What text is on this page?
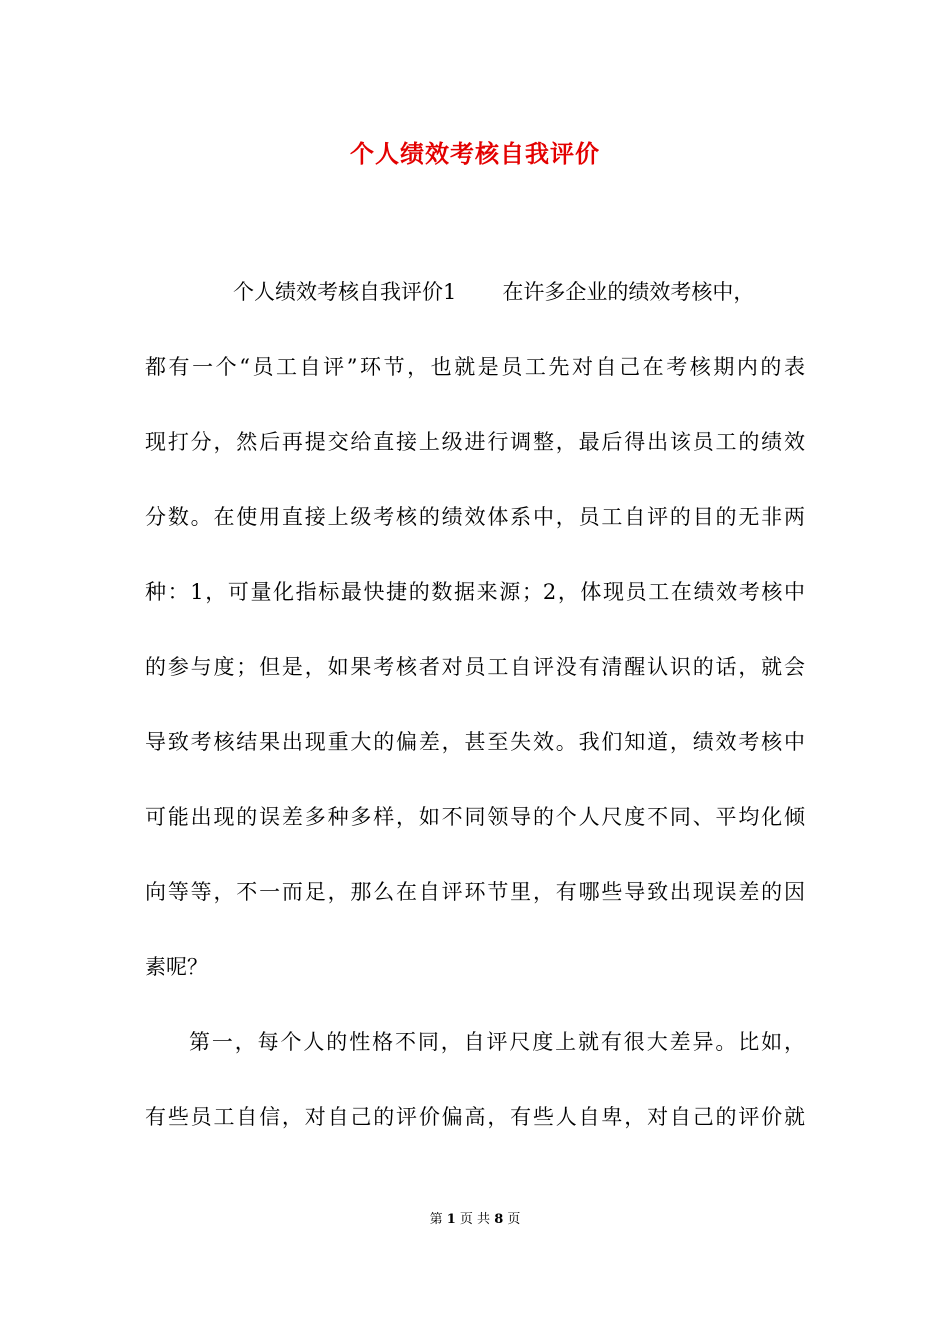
个人绩效考核自我评价
个人绩效考核自我评价1 在许多企业的绩效考核中，
都有一个“员工自评”环节，也就是员工先对自己在考核期内的表
现打分，然后再提交给直接上级进行调整，最后得出该员工的绩效
分数。在使用直接上级考核的绩效体系中，员工自评的目的无非两
种：1，可量化指标最快捷的数据来源；2，体现员工在绩效考核中
的参与度；但是，如果考核者对员工自评没有清醒认识的话，就会
导致考核结果出现重大的偏差，甚至失效。我们知道，绩效考核中
可能出现的误差多种多样，如不同领导的个人尺度不同、平均化倾
向等等，不一而足，那么在自评环节里，有哪些导致出现误差的因
素呢？
第一，每个人的性格不同，自评尺度上就有很大差异。比如，
有些员工自信，对自己的评价偏高，有些人自卑，对自己的评价就
第 1 页 共 8 页
